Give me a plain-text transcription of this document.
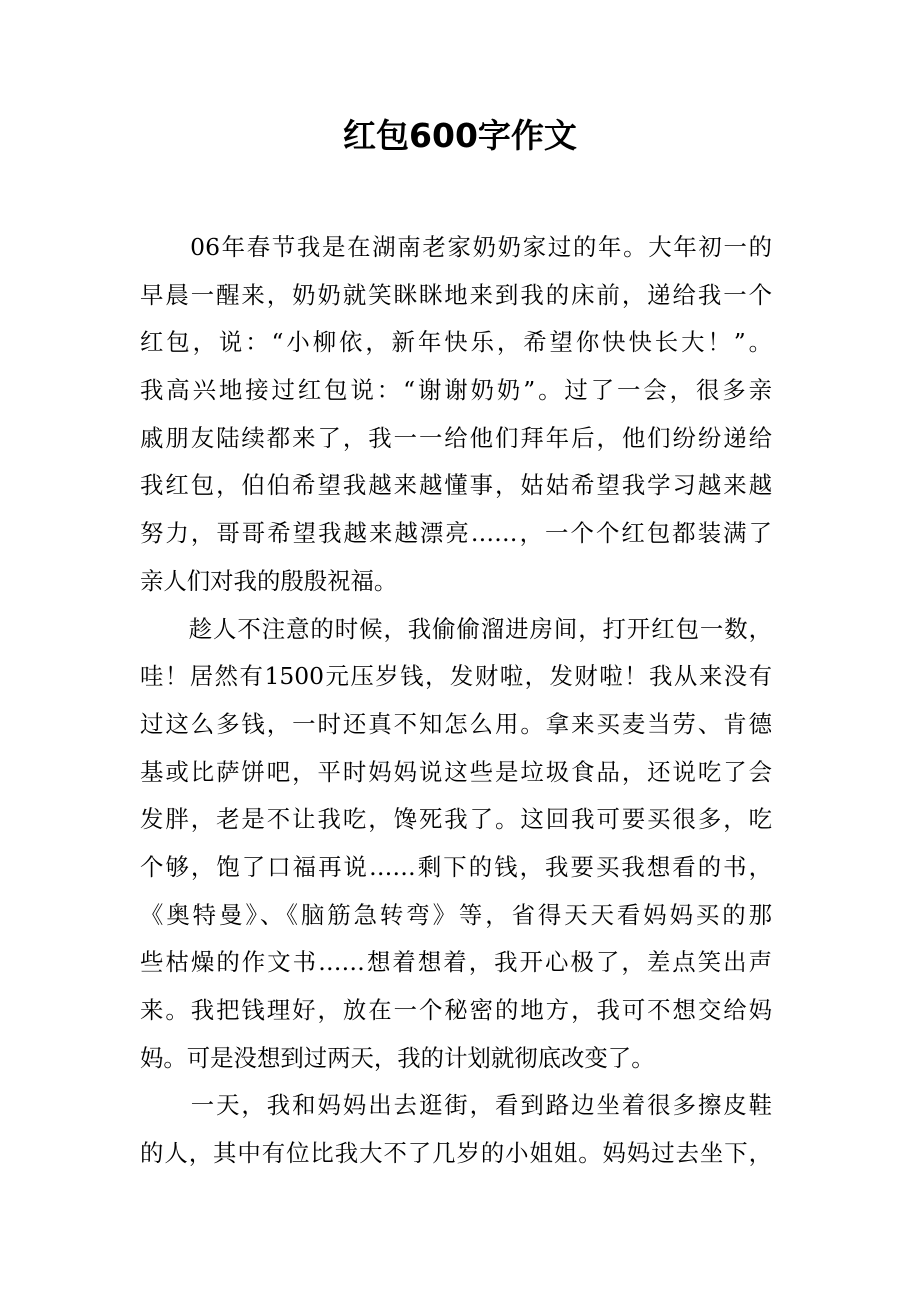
红包600字作文
　　06年春节我是在湖南老家奶奶家过的年。大年初一的
早晨一醒来，奶奶就笑眯眯地来到我的床前，递给我一个
红包，说：“小柳依，新年快乐，希望你快快长大！”。
我高兴地接过红包说：“谢谢奶奶”。过了一会，很多亲
戚朋友陆续都来了，我一一给他们拜年后，他们纷纷递给
我红包，伯伯希望我越来越懂事，姑姑希望我学习越来越
努力，哥哥希望我越来越漂亮……，一个个红包都装满了
亲人们对我的殷殷祝福。
　　趁人不注意的时候，我偷偷溜进房间，打开红包一数，
哇！居然有1500元压岁钱，发财啦，发财啦！我从来没有
过这么多钱，一时还真不知怎么用。拿来买麦当劳、肯德
基或比萨饼吧，平时妈妈说这些是垃圾食品，还说吃了会
发胖，老是不让我吃，馋死我了。这回我可要买很多，吃
个够，饱了口福再说……剩下的钱，我要买我想看的书，
《奥特曼》、《脑筋急转弯》等，省得天天看妈妈买的那
些枯燥的作文书……想着想着，我开心极了，差点笑出声
来。我把钱理好，放在一个秘密的地方，我可不想交给妈
妈。可是没想到过两天，我的计划就彻底改变了。
　　一天，我和妈妈出去逛街，看到路边坐着很多擦皮鞋
的人，其中有位比我大不了几岁的小姐姐。妈妈过去坐下，
